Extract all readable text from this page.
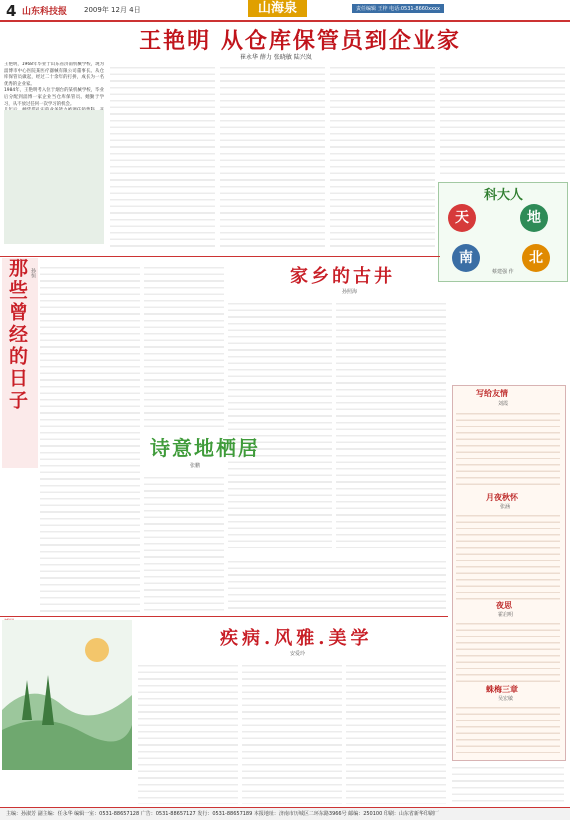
4 山东科技报 2009年 12月 4日	山海泉	责任编辑 王梓 电话:0531-8660xxxx
王艳明 从仓库保管员到企业家
崔永华 薛力 张晓敏 陆兴岚
王艳明，1968年毕业于山东省济南机械学校，现为淄博市中心医院某医疗器械有限公司董事长。从仓库保管员做起，经过二十余年的打拼，成长为一名优秀的企业家。
1984年，王艳明考入位于烟台的某机械学校，毕业后分配到淄博一家企业当仓库保管员。她勤于学习，从不放过任何一次学习的机会。
科大人
天	地
南	北
蔡建强 作
那些曾经的日子 孙恒	家乡的古井
孙照海
诗意地栖居
张鹏
写给友情
刘霞
月夜秋怀
张涵
夜思
霍启明
蛛梅三章
吴宏敏
疾病.风雅.美学
安爱玲
主编：孙淑芳 副主编：任永华 编辑一室：0531-88657128 广告：0531-88657127 发行：0531-88657189 本报地址：济南市历城区二环东路3966号 邮编：250100 印刷：山东省新华印刷厂
